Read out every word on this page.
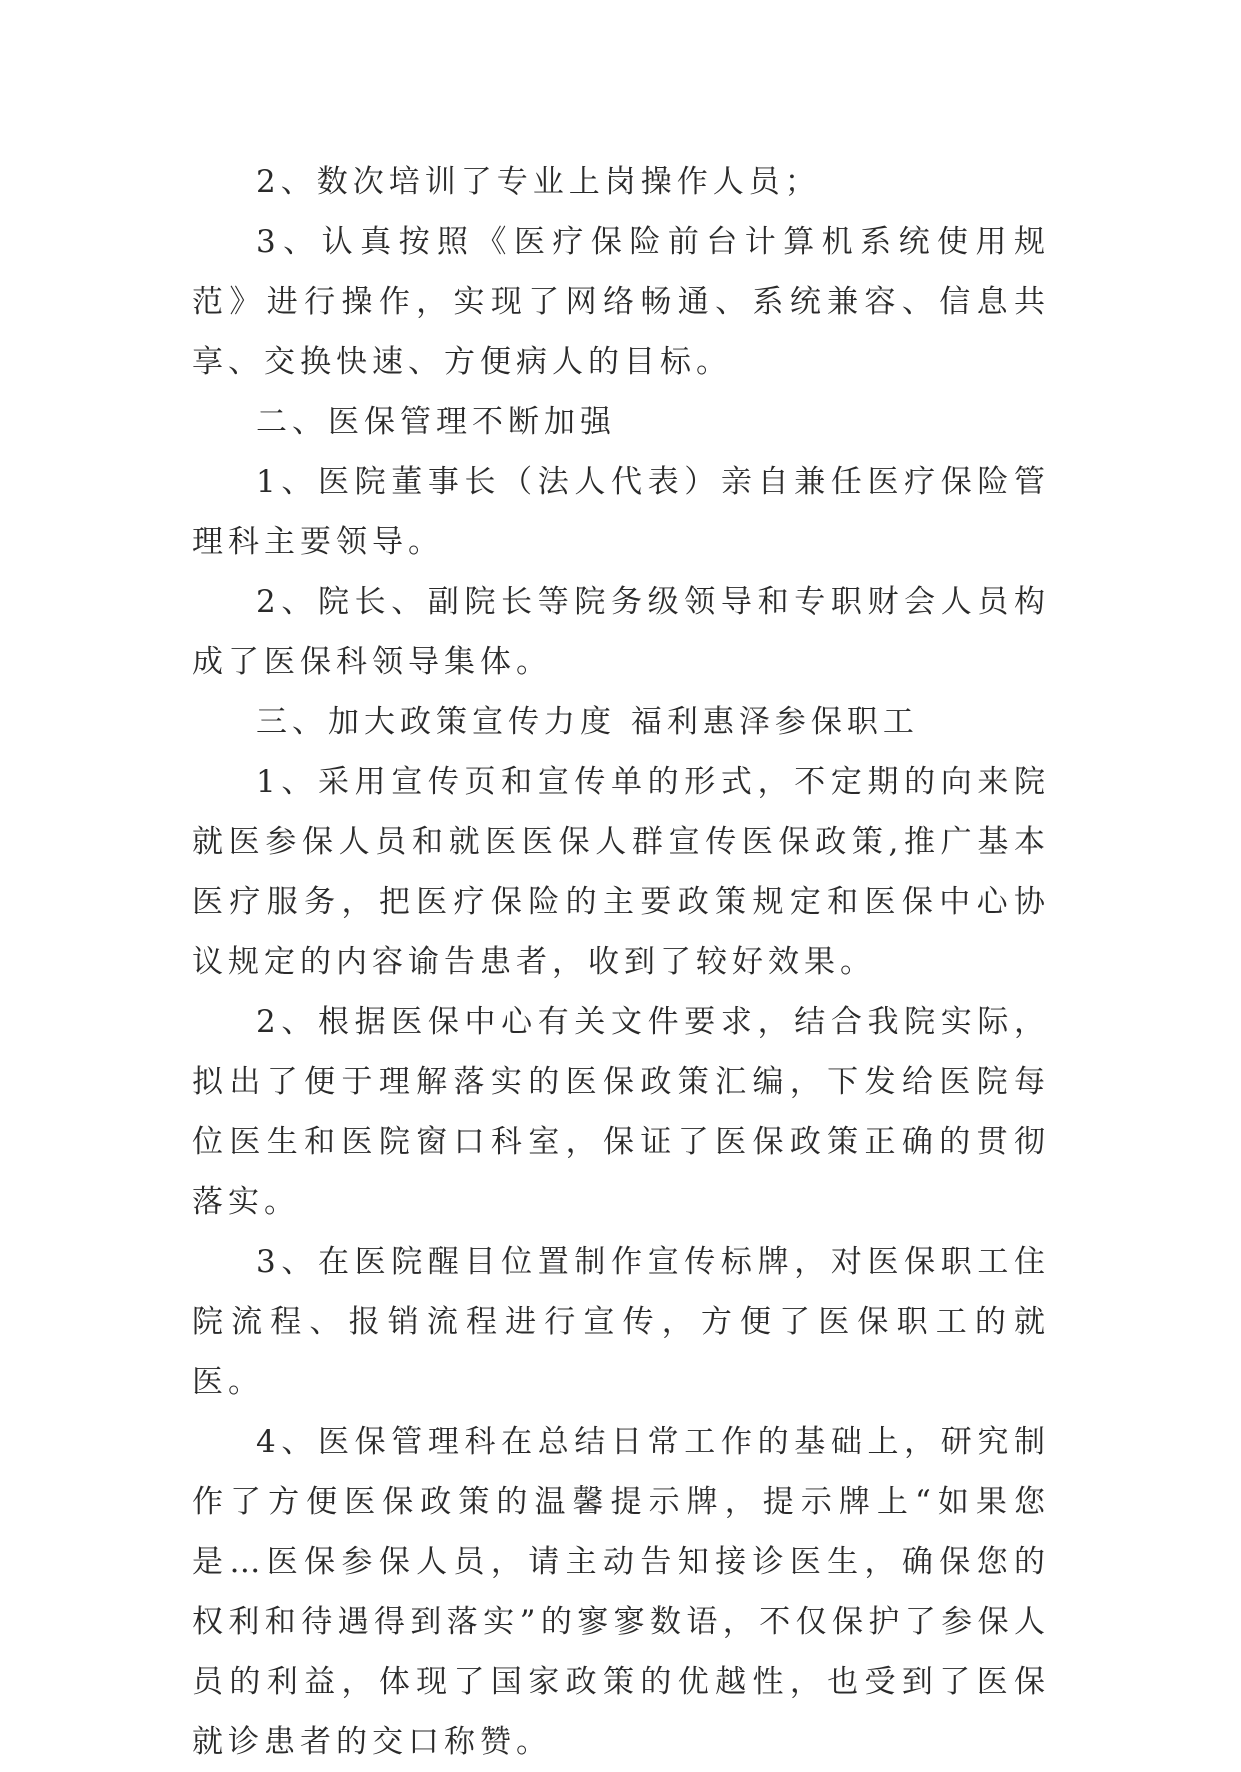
2、数次培训了专业上岗操作人员；

3、认真按照《医疗保险前台计算机系统使用规范》进行操作，实现了网络畅通、系统兼容、信息共享、交换快速、方便病人的目标。

二、医保管理不断加强

1、医院董事长（法人代表）亲自兼任医疗保险管理科主要领导。

2、院长、副院长等院务级领导和专职财会人员构成了医保科领导集体。

三、加大政策宣传力度 福利惠泽参保职工

1、采用宣传页和宣传单的形式，不定期的向来院就医参保人员和就医医保人群宣传医保政策,推广基本医疗服务，把医疗保险的主要政策规定和医保中心协议规定的内容谕告患者，收到了较好效果。

2、根据医保中心有关文件要求，结合我院实际，拟出了便于理解落实的医保政策汇编，下发给医院每位医生和医院窗口科室，保证了医保政策正确的贯彻落实。

3、在医院醒目位置制作宣传标牌，对医保职工住院流程、报销流程进行宣传，方便了医保职工的就医。

4、医保管理科在总结日常工作的基础上，研究制作了方便医保政策的温馨提示牌，提示牌上“如果您是…医保参保人员，请主动告知接诊医生，确保您的权利和待遇得到落实”的寥寥数语，不仅保护了参保人员的利益，体现了国家政策的优越性，也受到了医保就诊患者的交口称赞。
